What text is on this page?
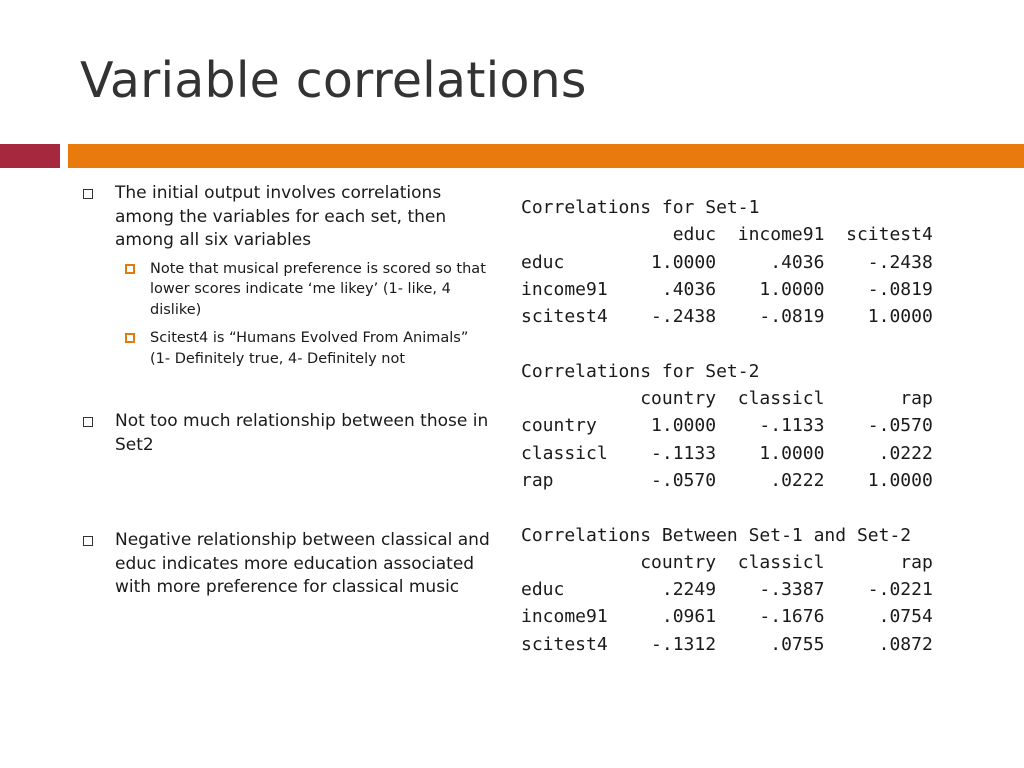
Variable correlations
The initial output involves correlations among the variables for each set, then among all six variables
Note that musical preference is scored so that lower scores indicate ‘me likey’ (1- like, 4 dislike)
Scitest4 is “Humans Evolved From Animals” (1- Definitely true, 4- Definitely not
Not too much relationship between those in Set2
Negative relationship between classical and educ indicates more education associated with more preference for classical music
Correlations for Set-1
educ  income91  scitest4
educ        1.0000     .4036    -.2438
income91     .4036    1.0000    -.0819
scitest4    -.2438    -.0819    1.0000

Correlations for Set-2
country  classicl       rap
country     1.0000    -.1133    -.0570
classicl    -.1133    1.0000     .0222
rap         -.0570     .0222    1.0000

Correlations Between Set-1 and Set-2
country  classicl       rap
educ         .2249    -.3387    -.0221
income91     .0961    -.1676     .0754
scitest4    -.1312     .0755     .0872
